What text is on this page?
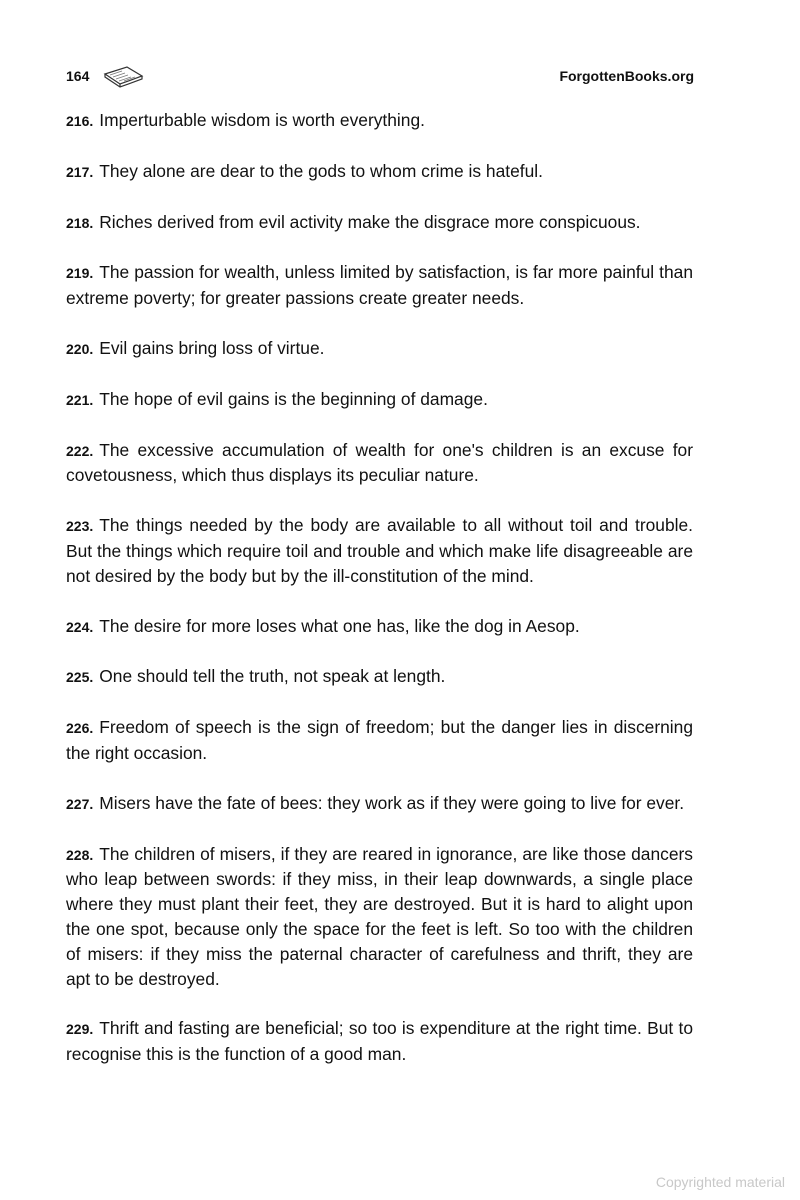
164	ForgottenBooks.org

216. Imperturbable wisdom is worth everything.

217. They alone are dear to the gods to whom crime is hateful.

218. Riches derived from evil activity make the disgrace more conspicuous.

219. The passion for wealth, unless limited by satisfaction, is far more painful than extreme poverty; for greater passions create greater needs.

220. Evil gains bring loss of virtue.

221. The hope of evil gains is the beginning of damage.

222. The excessive accumulation of wealth for one's children is an excuse for covetousness, which thus displays its peculiar nature.

223. The things needed by the body are available to all without toil and trouble. But the things which require toil and trouble and which make life disagreeable are not desired by the body but by the ill-constitution of the mind.

224. The desire for more loses what one has, like the dog in Aesop.

225. One should tell the truth, not speak at length.

226. Freedom of speech is the sign of freedom; but the danger lies in discerning the right occasion.

227. Misers have the fate of bees: they work as if they were going to live for ever.

228. The children of misers, if they are reared in ignorance, are like those dancers who leap between swords: if they miss, in their leap downwards, a single place where they must plant their feet, they are destroyed. But it is hard to alight upon the one spot, because only the space for the feet is left. So too with the children of misers: if they miss the paternal character of carefulness and thrift, they are apt to be destroyed.

229. Thrift and fasting are beneficial; so too is expenditure at the right time. But to recognise this is the function of a good man.

Copyrighted material
